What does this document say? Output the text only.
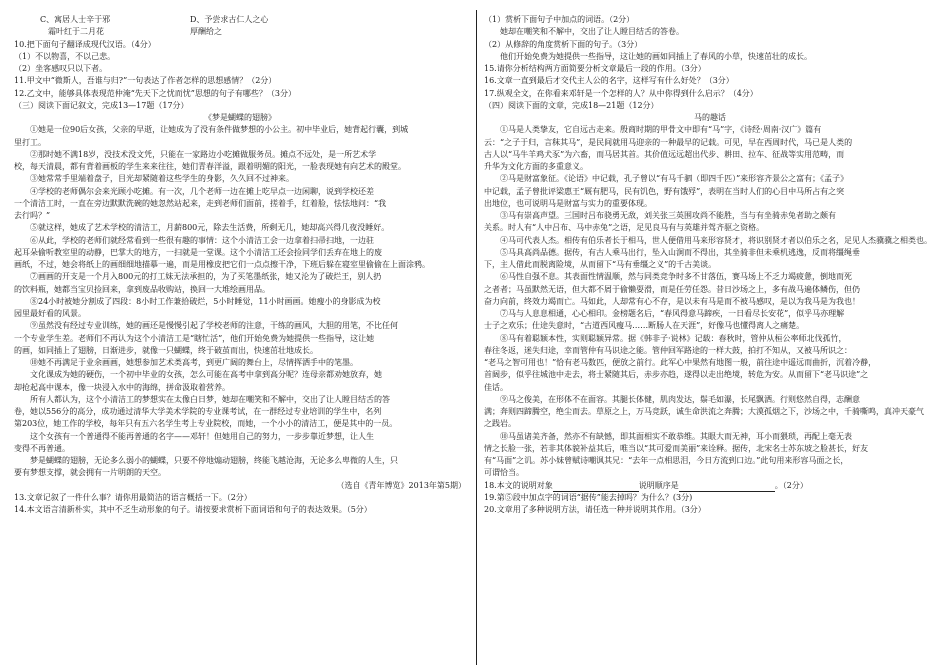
C、寓居人士辛于邪	D、予尝求古仁人之心
霜叶红于二月花	厚酬给之
10.把下面句子翻译成现代汉语。（4分）
（1）不以物喜，不以己悲。
（2）坐客感叹只以下者。
11.甲文中“微斯人，吾谁与归?”一句表达了作者怎样的思想感情？（2分）
12.乙文中，能够具体表现范仲淹“先天下之忧而忧”思想的句子有哪些？（3分）
（三）阅读下面记叙文，完成13—17题（17分）
《梦是蝴蝶的翅膀》
①她是一位90后女孩，父亲的早逝，让她成为了没有条件做梦想的小公主。初中毕业后，她背起行囊，到城
里打工。
②那时她不满18岁，没技术没文凭，只能在一家路边小吃摊做服务员。摊点不远处，是一所艺术学
校，每天清晨，都有背着画板的学生来来往往，她们青春洋溢，跟着明媚的阳光，一脸表现她有向艺术的殿堂。
③她常常手里端着盘子，目光却紧随着这些学生的身影，久久回不过神来。
④学校的老师偶尔会来光顾小吃摊。有一次，几个老师一边在摊上吃早点一边闲聊，说到学校还差
一个清洁工时，一直在旁边默默洗碗的她忽然站起来，走到老师们面前，搓着手，红着脸，怯怯地问：“我
去行吗？”
⑤就这样，她成了艺术学校的清洁工，月薪800元，除去生活费，所剩无几，她却高兴得几夜没睡好。
⑥从此，学校的老师们就经常看到一些很有趣的事情：这个小清洁工会一边拿着扫帚扫地，一边驻
起耳朵偷听教室里的动静，巴掌大的地方，一扫就是一堂课。这个小清洁工还会捡同学们丢弃在地上的废
画纸，不过，她会将纸上的画细细地描摹一遍，而是用橡皮把它们一点点擦干净，下班后躲在寝室里偷偷在上面涂鸦。
⑦画画的开支是一个月入800元的打工妹无法承担的，为了买笔墨纸张，她又沦为了破烂王，别人扔
的饮料瓶，她都当宝贝捡回来，拿到废品收购站，换回一大堆绘画用品。
⑧24小时被她分割成了四段：8小时工作兼拾破烂，5小时睡觉，11小时画画。她瘦小的身影成为校
园里最好看的风景。
⑨虽然没有经过专业训练，她的画还是慢慢引起了学校老师的注意，干练的画风，大胆的用笔，不比任何
一个专业学生差。老师们不再认为这个小清洁工是“瞎忙活”，他们开始免费为她提供一些指导，这让她
的画，如同插上了翅膀，日渐进步，就像一只蝴蝶，终于破茧而出，快速茁壮地成长。
⑩她不再满足于业余画画，她想参加艺术类高考，到更广阔的舞台上，尽情挥洒手中的笔墨。
文化课成为她的硬伤，一个初中毕业的女孩，怎么可能在高考中拿到高分呢？连母亲都劝她放弃，她
却抢起高中课本，像一块浸入水中的海绵，拼命汲取着营养。
所有人都认为，这个小清洁工的梦想实在太像白日梦，她却在嘲笑和不解中，交出了让人瞠目结舌的答
卷，她以556分的高分，成功通过清华大学美术学院的专业课考试，在一群经过专业培训的学生中，名列
第203位，她工作的学校，每年只有五六名学生考上专业院校，而她，一个小小的清洁工，便是其中的一员。
这个女孩有一个普通得不能再普通的名字——邓轩！但她用自己的努力，一步步靠近梦想，让人生
变得不再普通。
梦是蝴蝶的翅膀，无论多么弱小的蝴蝶，只要不停地煽动翅膀，终能飞越沧海，无论多么卑微的人生，只
要有梦想支撑，就会拥有一片明朗的天空。
（选自《青年博览》2013年第5期）
13.文章记叙了一件什么事？请你用最简洁的语言概括一下。（2分）
14.本文语言清新朴实，其中不乏生动形象的句子。请按要求赏析下面词语和句子的表达效果。（5分）
（1）赏析下面句子中加点的词语。（2分）
她却在嘲笑和不解中，交出了让人瞠目结舌的答卷。
（2）从修辞的角度赏析下面的句子。（3分）
他们开始免费为她提供一些指导，这让她的画如同插上了春风的小草，快速茁壮的成长。
15.请你分析结构两方面简要分析文章最后一段的作用。（3分）
16.文章一直到最后才交代主人公的名字，这样写有什么好处？（3分）
17.纵观全文，在你看来邓轩是一个怎样的人？从中你得到什么启示？（4分）
（四）阅读下面的文章，完成18—21题（12分）
马的趣话
①马是人类挚友，它自远古走来。殷商时期的甲骨文中即有“马”字，《诗经·周南·汉广》篇有
云：“之子于归，言秣其马”，是民间就用马迎亲的一种最早的记载。可见，早在西周时代，马已是人类的
古人以“马牛羊鸡犬豕”为六畜，而马居其首。其价值远远超出代步、耕田、拉车、征战等实用范畴，而
升华为文化方面的多重意义。
②马是财富象征。《论语》中记载，孔子曾以“有马千驷（即四千匹）”来形容齐景公之富有；《孟子》
中记载，孟子曾批评梁惠王“厩有肥马，民有饥色，野有饿殍”，表明在当时人们的心目中马所占有之突
出地位，也可说明马是财富与实力的重要体现。
③马有崇高声望。三国时吕布骁勇无敌，刘关张三英围攻尚不能胜，当与有坐骑赤兔者助之颇有
关系。时人有“人中吕布、马中赤兔”之语，足见良马有与英雄并驾齐驱之资格。
④马可代表人杰。相传有伯乐者长于相马，世人便借用马来形容贤才，将识别贤才者以伯乐之名，足见人杰骥骥之相类也。
⑤马具高尚品德。据传，有古人乘马出行，坠入山涧而不得出，其坐骑非但未乘机逃逸，反而将缰绳垂
下，主人借此而脱离险境，从而留下“马有垂缰之义”的千古美谈。
⑥马性自强不息。其表面性情温顺，然与同类竞争时多不甘落伍，赛马场上不乏力竭疲惫，倒地而死
之者者；马虽默然无语，但大都不屑于偷懒耍滑，而是任劳任怨。昔日沙场之上，多有战马遍体鳞伤，但仍
奋力向前，终效力竭而亡。马如此，人却常有心不存，是以未有马是而不被马感叹，是以为我马是为我也！
⑦马与人息息相通，心心相印。金榜题名后，“春风得意马蹄疾，一日看尽长安花”，似乎马亦理解
士子之欢乐；仕途失意时，“古道西风瘦马……断肠人在天涯”，好像马也懂得离人之痛楚。
⑧马有着聪颖本性，实则聪颖异常。据《韩非子·说林》记载：春秋时，管仲从桓公率师北伐孤竹，
春往冬返，迷失归途，幸而管仲有马识途之能。管仲回军路途的一样大鼓，拍打不知从，又被马所识之：
“老马之智可用也！”恰有老马数匹，便放之前行。此军心中果然有地图一般，前往途中遥远而曲折，沉着冷静，
首阔步，似乎往城池中走去，将士紧随其后，赤步亦趋，遂得以走出绝境，转危为安。从而留下“老马识途”之
佳话。
⑨马之俊美，在形体不在面容。其腿长体健，肌肉发达，鬃毛如瀑，长尾飘洒。行则悠然自得，志酬意
满；奔则四蹄腾空，绝尘而去。草原之上，万马竞跃，诚生命洪流之奔腾；大漠孤烟之下，沙场之中，千骑嘶鸣，真冲天豪气
之践岩。
⑩马虽诸美齐备，然亦不有缺憾，即其面相实不敢恭维。其眼大而无神，耳小而猥琐，再配上毫无表
情之长脸一张，若非其体貌补益其后，唯当以“其可爱而美丽”来诠释。据传，北宋名士苏东坡之脸甚长，好友
有“马面”之讥。苏小妹曾赋诗嘲讽其兄：“去年一点相思泪，今日方流到口边。”此句用来形容马面之长，
可谓恰当。
18.本文的说明对象	说明顺序是	。（2分）
19.第⑤段中加点字的词语“据传”能去掉吗？为什么？(3分)
20.文章用了多种说明方法，请任选一种并说明其作用。（3分）
